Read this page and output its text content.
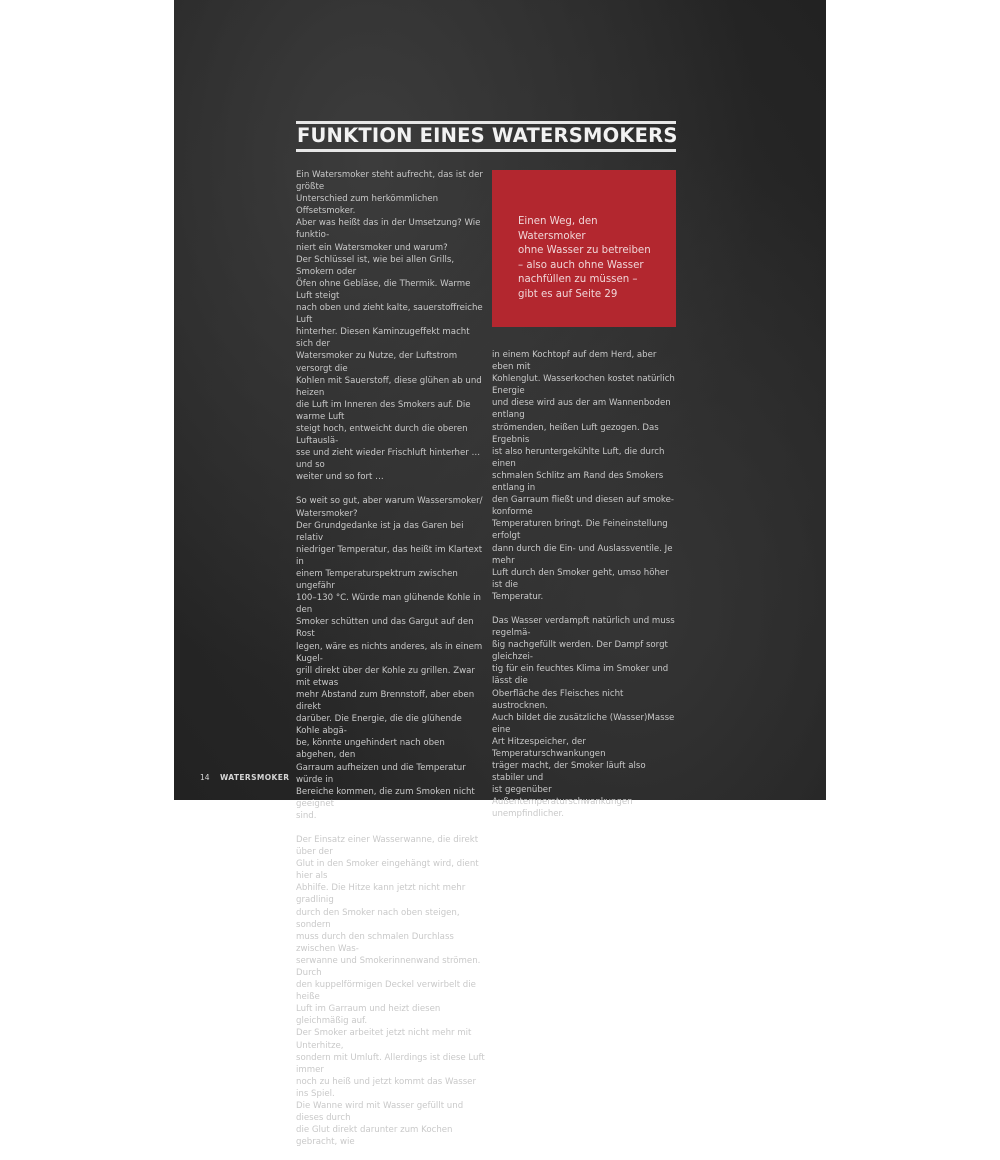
FUNKTION EINES WATERSMOKERS

Ein Watersmoker steht aufrecht, das ist der größte
Unterschied zum herkömmlichen Offsetsmoker.
Aber was heißt das in der Umsetzung? Wie funktio-
niert ein Watersmoker und warum?
Der Schlüssel ist, wie bei allen Grills, Smokern oder
Öfen ohne Gebläse, die Thermik. Warme Luft steigt
nach oben und zieht kalte, sauerstoffreiche Luft
hinterher. Diesen Kaminzugeffekt macht sich der
Watersmoker zu Nutze, der Luftstrom versorgt die
Kohlen mit Sauerstoff, diese glühen ab und heizen
die Luft im Inneren des Smokers auf. Die warme Luft
steigt hoch, entweicht durch die oberen Luftauslä-
sse und zieht wieder Frischluft hinterher … und so
weiter und so fort …

So weit so gut, aber warum Wassersmoker/
Watersmoker?
Der Grundgedanke ist ja das Garen bei relativ
niedriger Temperatur, das heißt im Klartext in
einem Temperaturspektrum zwischen ungefähr
100–130 °C. Würde man glühende Kohle in den
Smoker schütten und das Gargut auf den Rost
legen, wäre es nichts anderes, als in einem Kugel-
grill direkt über der Kohle zu grillen. Zwar mit etwas
mehr Abstand zum Brennstoff, aber eben direkt
darüber. Die Energie, die die glühende Kohle abgä-
be, könnte ungehindert nach oben abgehen, den
Garraum aufheizen und die Temperatur würde in
Bereiche kommen, die zum Smoken nicht geeignet
sind.

Der Einsatz einer Wasserwanne, die direkt über der
Glut in den Smoker eingehängt wird, dient hier als
Abhilfe. Die Hitze kann jetzt nicht mehr gradlinig
durch den Smoker nach oben steigen, sondern
muss durch den schmalen Durchlass zwischen Was-
serwanne und Smokerinnenwand strömen. Durch
den kuppelförmigen Deckel verwirbelt die heiße
Luft im Garraum und heizt diesen gleichmäßig auf.
Der Smoker arbeitet jetzt nicht mehr mit Unterhitze,
sondern mit Umluft. Allerdings ist diese Luft immer
noch zu heiß und jetzt kommt das Wasser ins Spiel.
Die Wanne wird mit Wasser gefüllt und dieses durch
die Glut direkt darunter zum Kochen gebracht, wie

Einen Weg, den Watersmoker
ohne Wasser zu betreiben
– also auch ohne Wasser
nachfüllen zu müssen –
gibt es auf Seite 29

in einem Kochtopf auf dem Herd, aber eben mit
Kohlenglut. Wasserkochen kostet natürlich Energie
und diese wird aus der am Wannenboden entlang
strömenden, heißen Luft gezogen. Das Ergebnis
ist also heruntergekühlte Luft, die durch einen
schmalen Schlitz am Rand des Smokers entlang in
den Garraum fließt und diesen auf smoke-konforme
Temperaturen bringt. Die Feineinstellung erfolgt
dann durch die Ein- und Auslassventile. Je mehr
Luft durch den Smoker geht, umso höher ist die
Temperatur.

Das Wasser verdampft natürlich und muss regelmä-
ßig nachgefüllt werden. Der Dampf sorgt gleichzei-
tig für ein feuchtes Klima im Smoker und lässt die
Oberfläche des Fleisches nicht austrocknen.
Auch bildet die zusätzliche (Wasser)Masse eine
Art Hitzespeicher, der Temperaturschwankungen
träger macht, der Smoker läuft also stabiler und
ist gegenüber Außentemperaturschwankungen
unempfindlicher.

14 WATERSMOKER
